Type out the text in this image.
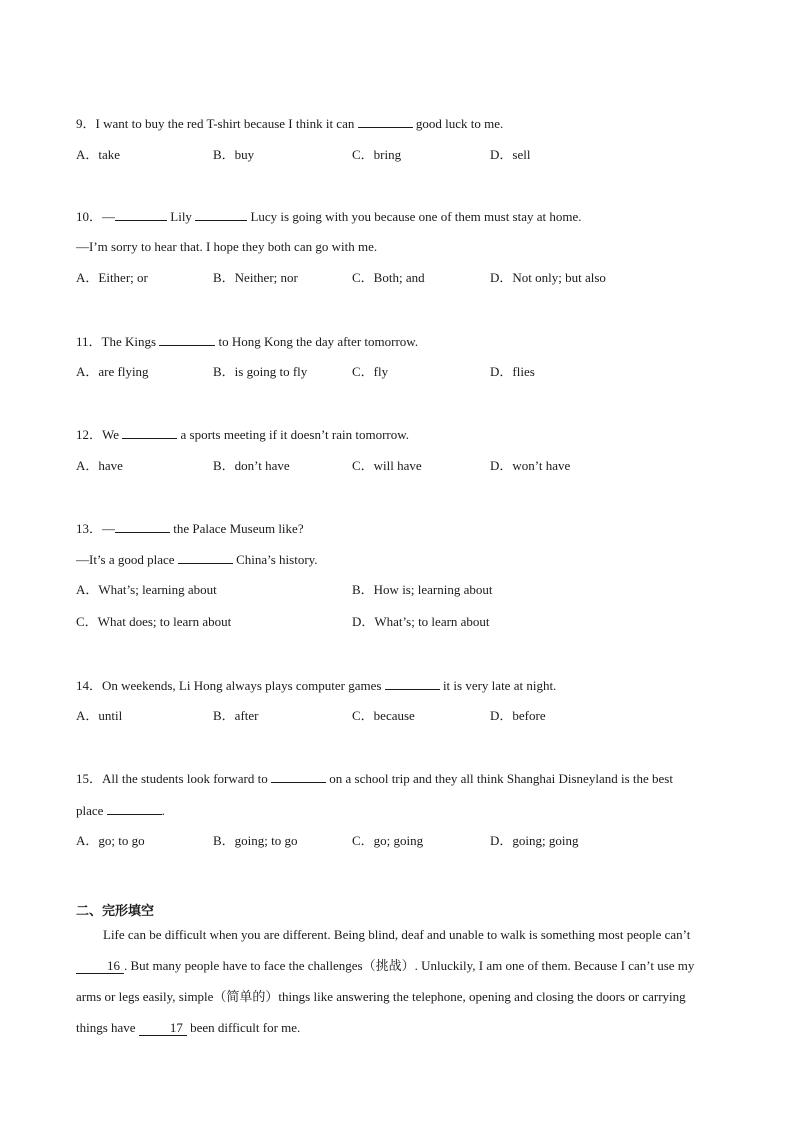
9．I want to buy the red T-shirt because I think it can	good luck to me.
A．take	B．buy	C．bring	D．sell
10．—	Lily	Lucy is going with you because one of them must stay at home.
—I’m sorry to hear that. I hope they both can go with me.
A．Either; or	B．Neither; nor	C．Both; and	D．Not only; but also
11．The Kings	to Hong Kong the day after tomorrow.
A．are flying	B．is going to fly	C．fly	D．flies
12．We	a sports meeting if it doesn’t rain tomorrow.
A．have	B．don’t have	C．will have	D．won’t have
13．—	the Palace Museum like?
—It’s a good place	China’s history.
A．What’s; learning about	B．How is; learning about
C．What does; to learn about	D．What’s; to learn about
14．On weekends, Li Hong always plays computer games	it is very late at night.
A．until	B．after	C．because	D．before
15．All the students look forward to	on a school trip and they all think Shanghai Disneyland is the best
place	.
A．go; to go	B．going; to go	C．go; going	D．going; going
二、完形填空

Life can be difficult when you are different. Being blind, deaf and unable to walk is something most people can’t 16 . But many people have to face the challenges（挑战）. Unluckily, I am one of them. Because I can’t use my arms or legs easily, simple（简单的）things like answering the telephone, opening and closing the doors or carrying things have 17 been difficult for me.
